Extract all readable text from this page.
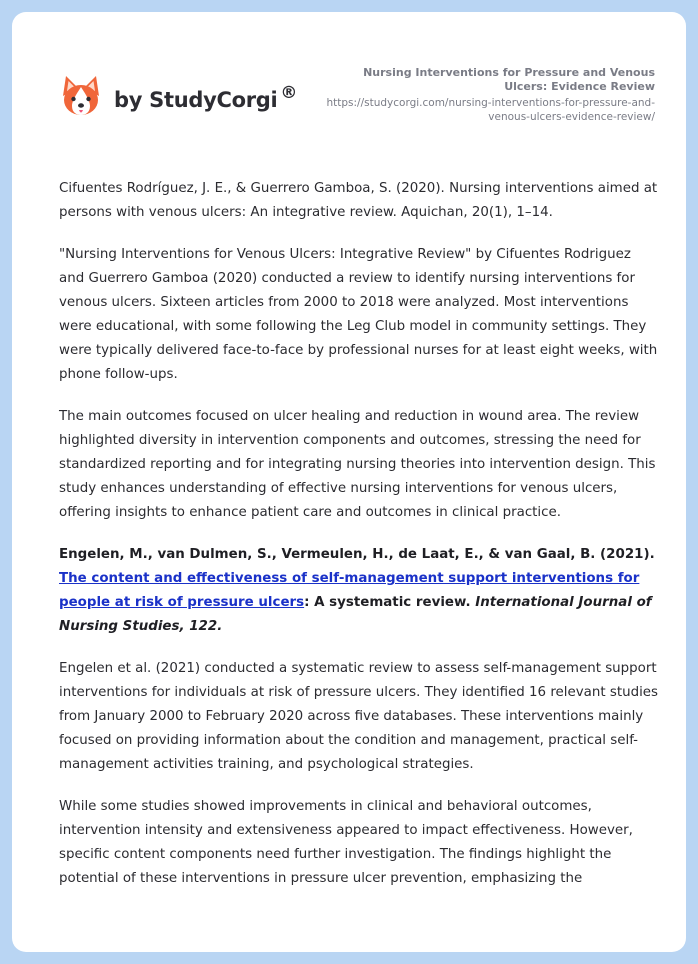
by StudyCorgi ®
Nursing Interventions for Pressure and Venous Ulcers: Evidence Review
https://studycorgi.com/nursing-interventions-for-pressure-and-venous-ulcers-evidence-review/

Cifuentes Rodríguez, J. E., & Guerrero Gamboa, S. (2020). Nursing interventions aimed at persons with venous ulcers: An integrative review. Aquichan, 20(1), 1–14.

"Nursing Interventions for Venous Ulcers: Integrative Review" by Cifuentes Rodriguez and Guerrero Gamboa (2020) conducted a review to identify nursing interventions for venous ulcers. Sixteen articles from 2000 to 2018 were analyzed. Most interventions were educational, with some following the Leg Club model in community settings. They were typically delivered face-to-face by professional nurses for at least eight weeks, with phone follow-ups.

The main outcomes focused on ulcer healing and reduction in wound area. The review highlighted diversity in intervention components and outcomes, stressing the need for standardized reporting and for integrating nursing theories into intervention design. This study enhances understanding of effective nursing interventions for venous ulcers, offering insights to enhance patient care and outcomes in clinical practice.

Engelen, M., van Dulmen, S., Vermeulen, H., de Laat, E., & van Gaal, B. (2021). The content and effectiveness of self-management support interventions for people at risk of pressure ulcers: A systematic review. International Journal of Nursing Studies, 122.

Engelen et al. (2021) conducted a systematic review to assess self-management support interventions for individuals at risk of pressure ulcers. They identified 16 relevant studies from January 2000 to February 2020 across five databases. These interventions mainly focused on providing information about the condition and management, practical self-management activities training, and psychological strategies.

While some studies showed improvements in clinical and behavioral outcomes, intervention intensity and extensiveness appeared to impact effectiveness. However, specific content components need further investigation. The findings highlight the potential of these interventions in pressure ulcer prevention, emphasizing the
